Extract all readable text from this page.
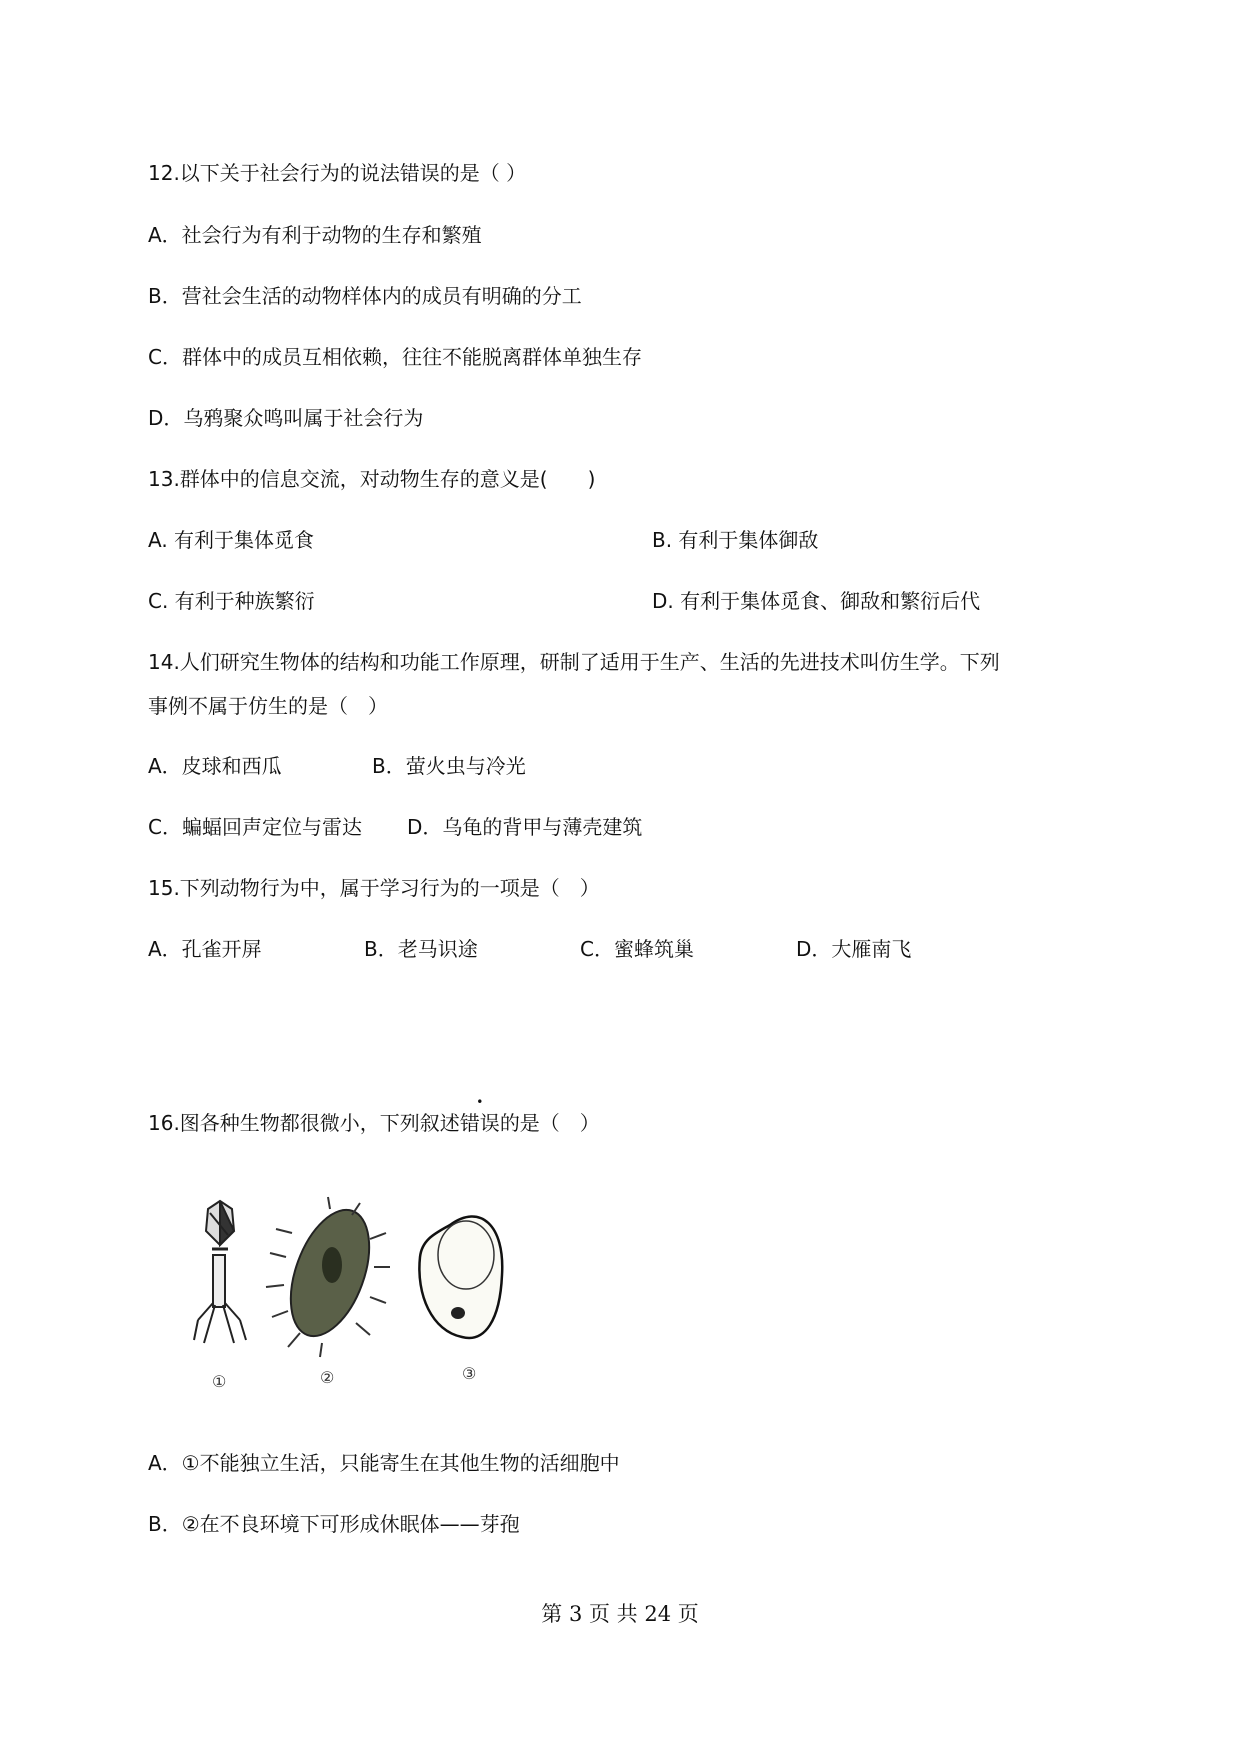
12.以下关于社会行为的说法错误的是（ ）
A．社会行为有利于动物的生存和繁殖
B．营社会生活的动物样体内的成员有明确的分工
C．群体中的成员互相依赖，往往不能脱离群体单独生存
D．乌鸦聚众鸣叫属于社会行为
13.群体中的信息交流，对动物生存的意义是(　　)
A. 有利于集体觅食	B. 有利于集体御敌
C. 有利于种族繁衍	D. 有利于集体觅食、御敌和繁衍后代
14.人们研究生物体的结构和功能工作原理，研制了适用于生产、生活的先进技术叫仿生学。下列
事例不属于仿生的是（　）
A．皮球和西瓜	B．萤火虫与冷光
C．蝙蝠回声定位与雷达 D．乌龟的背甲与薄壳建筑
15.下列动物行为中，属于学习行为的一项是（　）
A．孔雀开屏	B．老马识途	C．蜜蜂筑巢	D．大雁南飞
16.图各种生物都很微小，下列叙述错误的是（　）
①	②	③
A．①不能独立生活，只能寄生在其他生物的活细胞中
B．②在不良环境下可形成休眠体——芽孢
第 3 页 共 24 页
